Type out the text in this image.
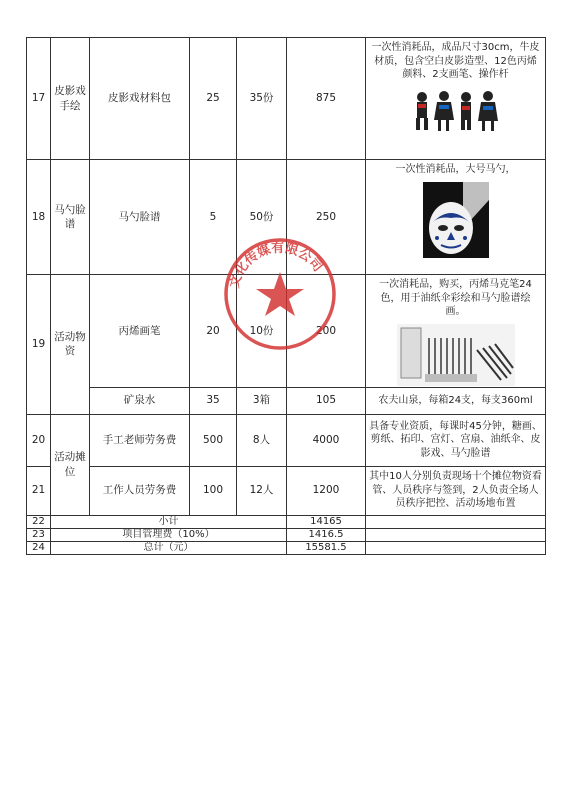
17	皮影戏手绘	皮影戏材料包	25	35份	875	一次性消耗品，成品尺寸30cm，牛皮材质，包含空白皮影造型、12色丙烯颜料、2支画笔、操作杆

18	马勺脸谱	马勺脸谱	5	50份	250	一次性消耗品，大号马勺，

19	活动物资	丙烯画笔	20	10份	200	一次消耗品，购买，丙烯马克笔24色，用于油纸伞彩绘和马勺脸谱绘画。

		矿泉水	35	3箱	105	农夫山泉，每箱24支，每支360ml
20	活动摊位	手工老师劳务费	500	8人	4000	具备专业资质，每课时45分钟，糖画、剪纸、拓印、宫灯、宫扇、油纸伞、皮影戏、马勺脸谱
21		工作人员劳务费	100	12人	1200	其中10人分别负责现场十个摊位物资看管、人员秩序与签到，2人负责全场人员秩序把控、活动场地布置
22	小计				14165	
23	项目管理费（10%）				1416.5	
24	总计（元）				15581.5	
文化传媒有限公司
